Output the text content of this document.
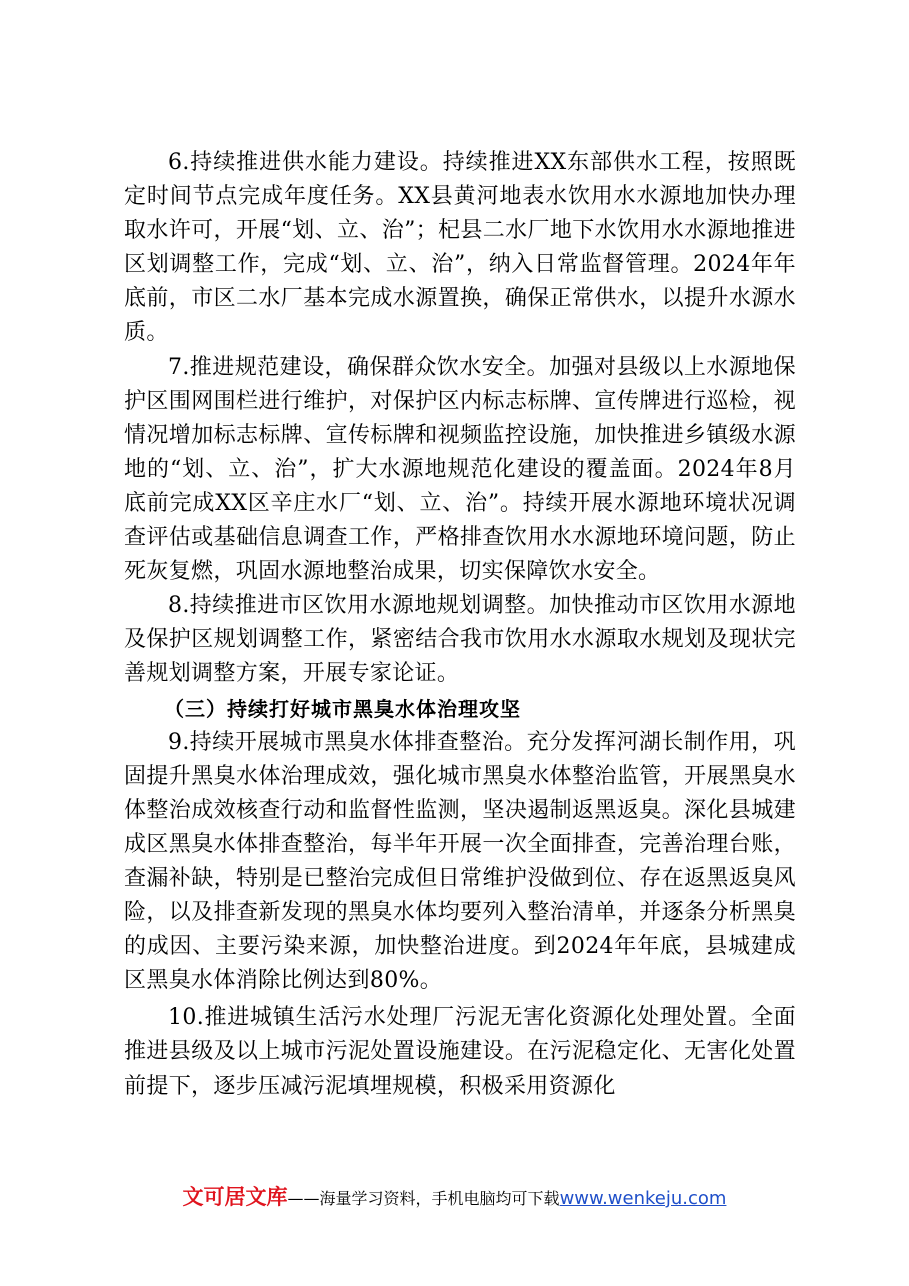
6.持续推进供水能力建设。持续推进XX东部供水工程，按照既定时间节点完成年度任务。XX县黄河地表水饮用水水源地加快办理取水许可，开展“划、立、治”；杞县二水厂地下水饮用水水源地推进区划调整工作，完成“划、立、治”，纳入日常监督管理。2024年年底前，市区二水厂基本完成水源置换，确保正常供水，以提升水源水质。

7.推进规范建设，确保群众饮水安全。加强对县级以上水源地保护区围网围栏进行维护，对保护区内标志标牌、宣传牌进行巡检，视情况增加标志标牌、宣传标牌和视频监控设施，加快推进乡镇级水源地的“划、立、治”，扩大水源地规范化建设的覆盖面。2024年8月底前完成XX区辛庄水厂“划、立、治”。持续开展水源地环境状况调查评估或基础信息调查工作，严格排查饮用水水源地环境问题，防止死灰复燃，巩固水源地整治成果，切实保障饮水安全。

8.持续推进市区饮用水源地规划调整。加快推动市区饮用水源地及保护区规划调整工作，紧密结合我市饮用水水源取水规划及现状完善规划调整方案，开展专家论证。

（三）持续打好城市黑臭水体治理攻坚

9.持续开展城市黑臭水体排查整治。充分发挥河湖长制作用，巩固提升黑臭水体治理成效，强化城市黑臭水体整治监管，开展黑臭水体整治成效核查行动和监督性监测，坚决遏制返黑返臭。深化县城建成区黑臭水体排查整治，每半年开展一次全面排查，完善治理台账，查漏补缺，特别是已整治完成但日常维护没做到位、存在返黑返臭风险，以及排查新发现的黑臭水体均要列入整治清单，并逐条分析黑臭的成因、主要污染来源，加快整治进度。到2024年年底，县城建成区黑臭水体消除比例达到80%。

10.推进城镇生活污水处理厂污泥无害化资源化处理处置。全面推进县级及以上城市污泥处置设施建设。在污泥稳定化、无害化处置前提下，逐步压减污泥填埋规模，积极采用资源化

文可居文库——海量学习资料，手机电脑均可下载www.wenkeju.com
